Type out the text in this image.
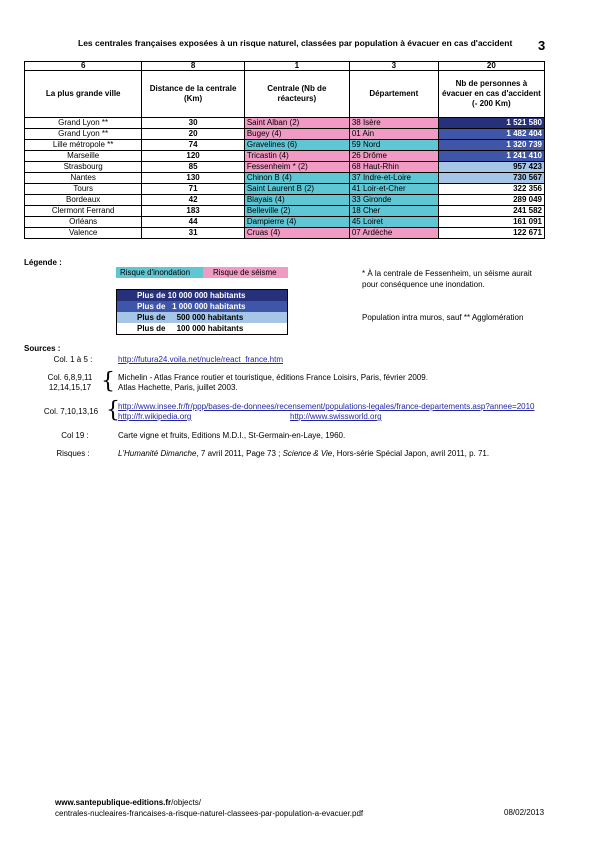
Les centrales françaises exposées à un risque naturel, classées par population à évacuer en cas d'accident 3
6	8	1	3	20
La plus grande ville	Distance de la centrale (Km)	Centrale (Nb de réacteurs)	Département	Nb de personnes à évacuer en cas d'accident (- 200 Km)
Grand Lyon **	30	Saint Alban (2)	38 Isère	1 521 580
Grand Lyon **	20	Bugey (4)	01 Ain	1 482 404
Lille métropole **	74	Gravelines (6)	59 Nord	1 320 739
Marseille	120	Tricastin (4)	26 Drôme	1 241 410
Strasbourg	85	Fessenheim * (2)	68 Haut-Rhin	957 423
Nantes	130	Chinon B (4)	37 Indre-et-Loire	730 567
Tours	71	Saint Laurent B (2)	41 Loir-et-Cher	322 356
Bordeaux	42	Blayais (4)	33 Gironde	289 049
Clermont Ferrand	183	Belleville (2)	18 Cher	241 582
Orléans	44	Dampierre (4)	45 Loiret	161 091
Valence	31	Cruas (4)	07 Ardèche	122 671
Légende :
Risque d'inondation	Risque de séisme
Plus de 10 000 000 habitants
Plus de   1 000 000 habitants
Plus de     500 000 habitants
Plus de     100 000 habitants
* À la centrale de Fessenheim, un séisme aurait pour conséquence une inondation.
Population intra muros, sauf ** Agglomération
Sources :
Col. 1 à 5 :	http://futura24.voila.net/nucle/react_france.htm
Col. 6,8,9,11 12,14,15,17 { Michelin - Atlas France routier et touristique, éditions France Loisirs, Paris, février 2009.
Atlas Hachette, Paris, juillet 2003.
Col. 7,10,13,16 {
http://www.insee.fr/fr/ppp/bases-de-donnees/recensement/populations-legales/france-departements.asp?annee=2010
http://fr.wikipedia.org	http://www.swissworld.org
Col 19 :	Carte vigne et fruits, Editions M.D.I., St-Germain-en-Laye, 1960.
Risques :	L'Humanité Dimanche, 7 avril 2011, Page 73 ; Science & Vie, Hors-série Spécial Japon, avril 2011, p. 71.
www.santepublique-editions.fr/objects/
centrales-nucleaires-francaises-a-risque-naturel-classees-par-population-a-evacuer.pdf	08/02/2013
